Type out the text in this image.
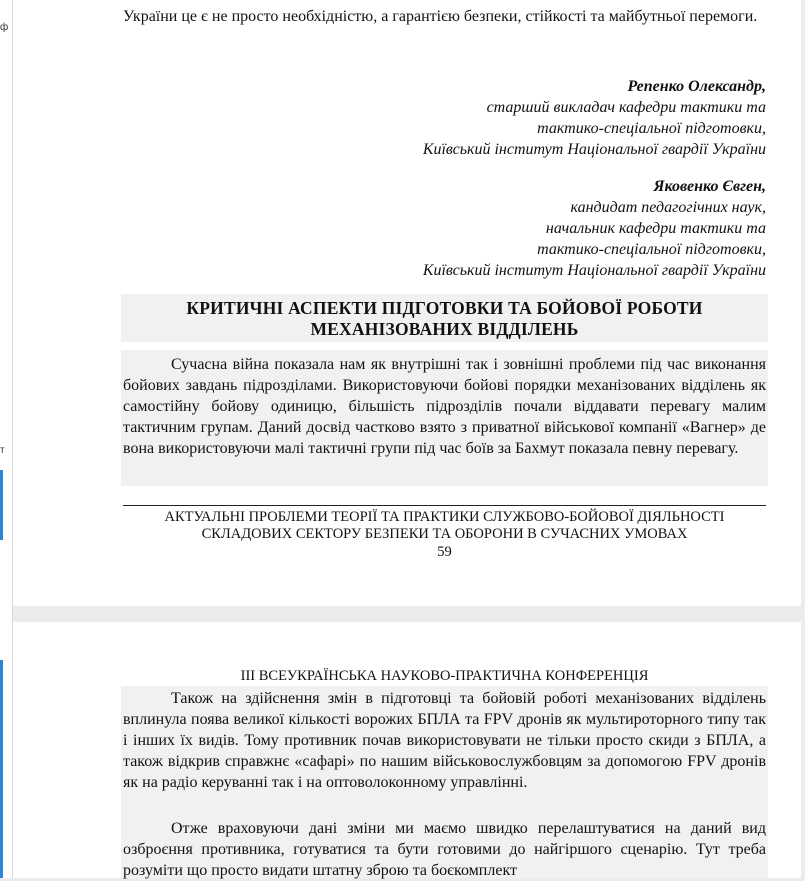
ф
т

України це є не просто необхідністю, а гарантією безпеки, стійкості та майбутньої перемоги.

Репенко Олександр,
старший викладач кафедри тактики та
тактико-спеціальної підготовки,
Київський інститут Національної гвардії України
Яковенко Євген,
кандидат педагогічних наук,
начальник кафедри тактики та
тактико-спеціальної підготовки,
Київський інститут Національної гвардії України
КРИТИЧНІ АСПЕКТИ ПІДГОТОВКИ ТА БОЙОВОЇ РОБОТИ
МЕХАНІЗОВАНИХ ВІДДІЛЕНЬ

Сучасна війна показала нам як внутрішні так і зовнішні проблеми під час виконання бойових завдань підрозділами. Використовуючи бойові порядки механізованих відділень як самостійну бойову одиницю, більшість підрозділів почали віддавати перевагу малим тактичним групам. Даний досвід частково взято з приватної військової компанії «Вагнер» де вона використовуючи малі тактичні групи під час боїв за Бахмут показала певну перевагу.

АКТУАЛЬНІ ПРОБЛЕМИ ТЕОРІЇ ТА ПРАКТИКИ СЛУЖБОВО-БОЙОВОЇ ДІЯЛЬНОСТІ
СКЛАДОВИХ СЕКТОРУ БЕЗПЕКИ ТА ОБОРОНИ В СУЧАСНИХ УМОВАХ
59
ІІІ ВСЕУКРАЇНСЬКА НАУКОВО-ПРАКТИЧНА КОНФЕРЕНЦІЯ

Також на здійснення змін в підготовці та бойовій роботі механізованих відділень вплинула поява великої кількості ворожих БПЛА та FPV дронів як мультироторного типу так і інших їх видів. Тому противник почав використовувати не тільки просто скиди з БПЛА, а також відкрив справжнє «сафарі» по нашим військовослужбовцям за допомогою FPV дронів як на радіо керуванні так і на оптоволоконному управлінні.

Отже враховуючи дані зміни ми маємо швидко перелаштуватися на даний вид озброєння противника, готуватися та бути готовими до найгіршого сценарію. Тут треба розуміти що просто видати штатну зброю та боєкомплект
